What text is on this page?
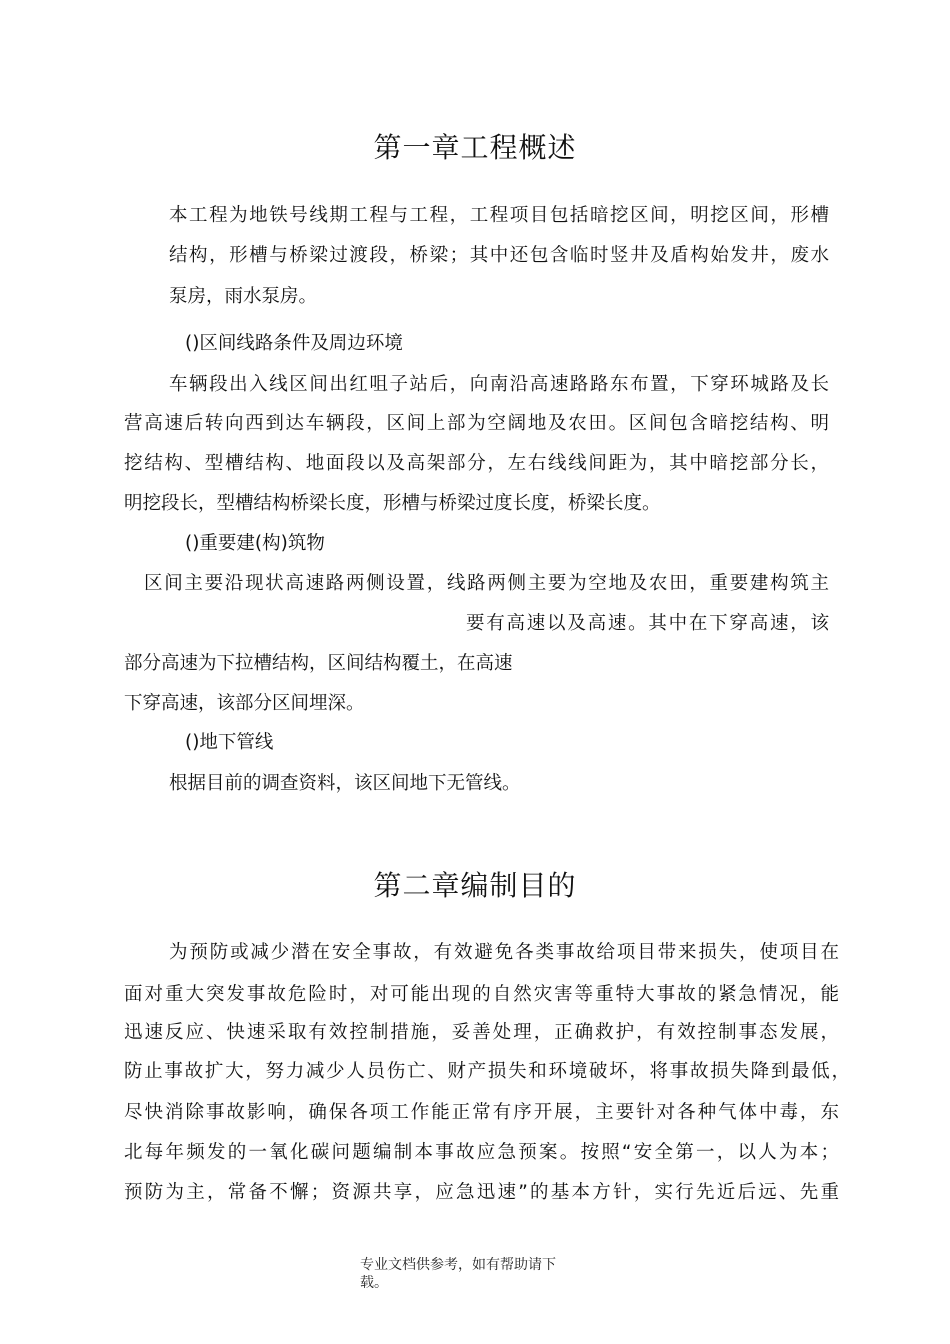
第一章工程概述
本工程为地铁号线期工程与工程，工程项目包括暗挖区间，明挖区间，形槽
结构，形槽与桥梁过渡段，桥梁；其中还包含临时竖井及盾构始发井，废水
泵房，雨水泵房。
()区间线路条件及周边环境
车辆段出入线区间出红咀子站后，向南沿高速路路东布置，下穿环城路及长
营高速后转向西到达车辆段，区间上部为空阔地及农田。区间包含暗挖结构、明
挖结构、型槽结构、地面段以及高架部分，左右线线间距为，其中暗挖部分长，
明挖段长，型槽结构桥梁长度，形槽与桥梁过度长度，桥梁长度。
()重要建(构)筑物
区间主要沿现状高速路两侧设置，线路两侧主要为空地及农田，重要建构筑主
要有高速以及高速。其中在下穿高速，该
部分高速为下拉槽结构，区间结构覆土，在高速
下穿高速，该部分区间埋深。
()地下管线
根据目前的调查资料，该区间地下无管线。
第二章编制目的
为预防或减少潜在安全事故，有效避免各类事故给项目带来损失，使项目在
面对重大突发事故危险时，对可能出现的自然灾害等重特大事故的紧急情况，能
迅速反应、快速采取有效控制措施，妥善处理，正确救护，有效控制事态发展，
防止事故扩大，努力减少人员伤亡、财产损失和环境破坏，将事故损失降到最低，
尽快消除事故影响，确保各项工作能正常有序开展，主要针对各种气体中毒，东
北每年频发的一氧化碳问题编制本事故应急预案。按照“安全第一，以人为本；
预防为主，常备不懈；资源共享，应急迅速”的基本方针，实行先近后远、先重
专业文档供参考，如有帮助请下
载。
